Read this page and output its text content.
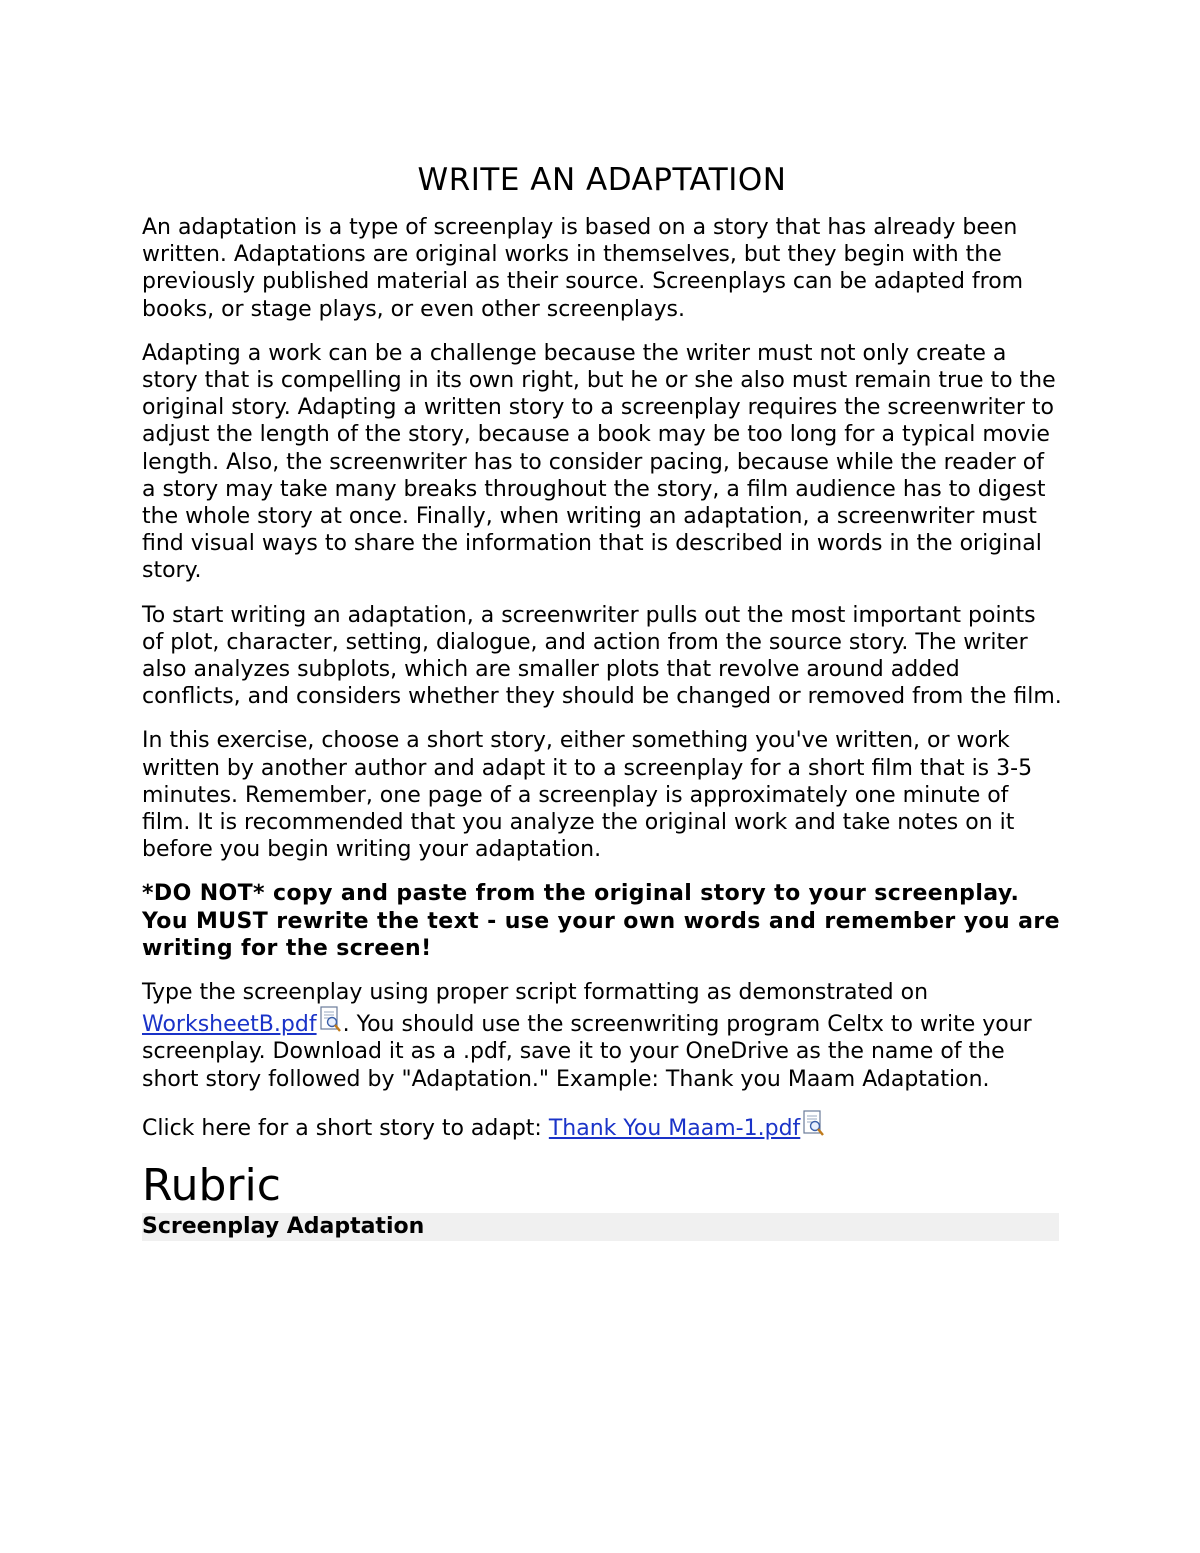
WRITE AN ADAPTATION

An adaptation is a type of screenplay is based on a story that has already been written. Adaptations are original works in themselves, but they begin with the previously published material as their source. Screenplays can be adapted from books, or stage plays, or even other screenplays.

Adapting a work can be a challenge because the writer must not only create a story that is compelling in its own right, but he or she also must remain true to the original story. Adapting a written story to a screenplay requires the screenwriter to adjust the length of the story, because a book may be too long for a typical movie length. Also, the screenwriter has to consider pacing, because while the reader of a story may take many breaks throughout the story, a film audience has to digest the whole story at once. Finally, when writing an adaptation, a screenwriter must find visual ways to share the information that is described in words in the original story.

To start writing an adaptation, a screenwriter pulls out the most important points of plot, character, setting, dialogue, and action from the source story. The writer also analyzes subplots, which are smaller plots that revolve around added conflicts, and considers whether they should be changed or removed from the film.

In this exercise, choose a short story, either something you've written, or work written by another author and adapt it to a screenplay for a short film that is 3-5 minutes. Remember, one page of a screenplay is approximately one minute of film. It is recommended that you analyze the original work and take notes on it before you begin writing your adaptation.

*DO NOT* copy and paste from the original story to your screenplay. You MUST rewrite the text - use your own words and remember you are writing for the screen!

Type the screenplay using proper script formatting as demonstrated on WorksheetB.pdf . You should use the screenwriting program Celtx to write your screenplay. Download it as a .pdf, save it to your OneDrive as the name of the short story followed by "Adaptation." Example: Thank you Maam Adaptation.

Click here for a short story to adapt: Thank You Maam-1.pdf

Rubric
Screenplay Adaptation
